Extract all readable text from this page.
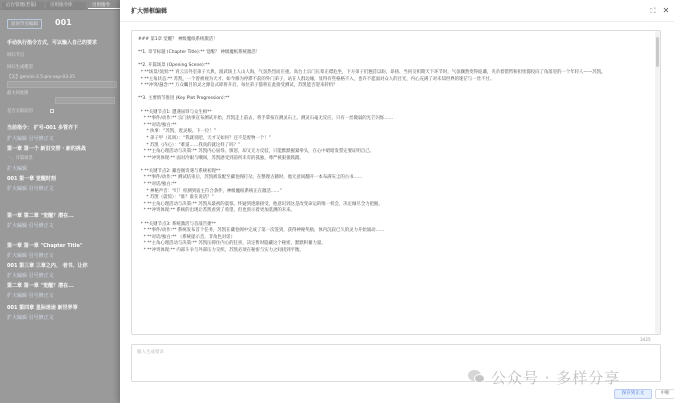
后台管理(若依)	引用指令库	引用指令
返回节点编辑	001
手动执行指令方式，可以输入自己的要求
回归节点
回归生成模型
【美】gemini-2.5-pro-exp-03-25
最大回复限
是否关联前因
当前指令： 扩号-001 多管齐下
扩大编辑 引号修正文
第一章 第一个 新旧交替 · 新的挑战
一、开篇场景
扩大编辑
001 第一章 觉醒时刻
扩大编辑 引号修正文
第一章 第二章 "觉醒？潜在...
扩大编辑 引号修正文
第一章 第一章 "Chapter Title"
扩大编辑 引号修正文
001 第三章 三章之内、 者书、让你
扩大编辑 引号修正文
第二章 第一章 "觉醒？潜在...
扩大编辑 引号修正文
001 第四章 星际迷途 新世界等
扩大编辑 引号修正文
扩大弹框编辑	⛶ ✕
### 第1章 觉醒？ 神级魔纸系统激活！

**1. 章节标题 (Chapter Title):** 觉醒？ 神级魔纸系统激活！

**2. 开篇场景 (Opening Scene):**
* **场景/氛围:** 青云宗外室弟子大典，演武场上人山人海，气氛热烈而庄重。高台上宗门长辈正襟危坐，下方弟子们翘首以盼，昂扬、当何交织期天下环节时，气氛骤然变得诡谲，夹杂着错愕和担忧都投向了角落里的一个年轻人——苏凯。
* **主角状态:** 苏凯，一个曾被视为天才、如今修为停滞不前的外门弟子，站在人群边缘，显得有些格格不入，也许不愿面对众人的目光，内心充满了对未知世界的迷茫与一丝不甘。
* **冲突/悬念:** 万众瞩目的灵之源仪式即将开启，每位弟子都将在此接受测试，苏凯能否迎来转机？

**3. 主要情节推进 (Key Plot Progression):**

* **关键节点1: 遭遇屈辱与众生相**
* **事件/动作:** 宗门执事宣布测试开始，苏凯走上前去，将手掌按在测灵石上。测灵石毫无反应，只有一丝微弱的光芒闪烁……
* **对话/独白:**
* 执事：“苏凯，废灵根。下一位！”
* 弟子甲（讥讽）：“我就说吧，天才又如何？还不是废物一个！”
* 苏凯（内心）：“难道……我真的就这样了吗？”
* **主角心理活动与决策:** 苏凯内心屈辱、愤怒，却又无力反驳，只能默默握紧拳头，在心中暗暗发誓定要证明自己。
* **冲突体现:** 面对冷眼与嘲讽，苏凯感受到前所未有的孤独，尊严被狠狠践踏。

* **关键节点2: 藏卷阁奇遇与系统初现**
* **事件/动作:** 测试结束后，苏凯被发配至藏卷阁打杂。在整理古籍时，他无意间翻开一本布满灰尘的古书……
* **对话/独白:**
* 神秘声音：“叮！检测到宿主符合条件，神级魔纸系统正在激活……”
* 苏凯（震惊）：“谁？谁在说话？”
* **主角心理活动与决策:** 苏凯从最初的震惊、怀疑到逐渐接受，他意识到这是改变命运的唯一机会，决定倾尽全力把握。
* **冲突体现:** 系统的出现让苏凯看到了希望，但也预示着更加莫测的未来。

* **关键节点3: 系统激活与首战告捷**
* **事件/动作:** 系统发布首个任务，苏凯在藏卷阁中完成了第一次签到，获得神秘奖励，体内沉寂已久的灵力开始涌动……
* **对话/独白:** （系统提示音，非角色对话）
* **主角心理活动与决策:** 苏凯压抑住内心的狂喜，决定暂时隐藏这个秘密，默默积蓄力量。
* **冲突体现:** 内部斗争与外部压力交织，苏凯必须在秘密与实力之间找到平衡。
3425
输入生成要求
保存到正文	中断
公众号 · 多样分享
